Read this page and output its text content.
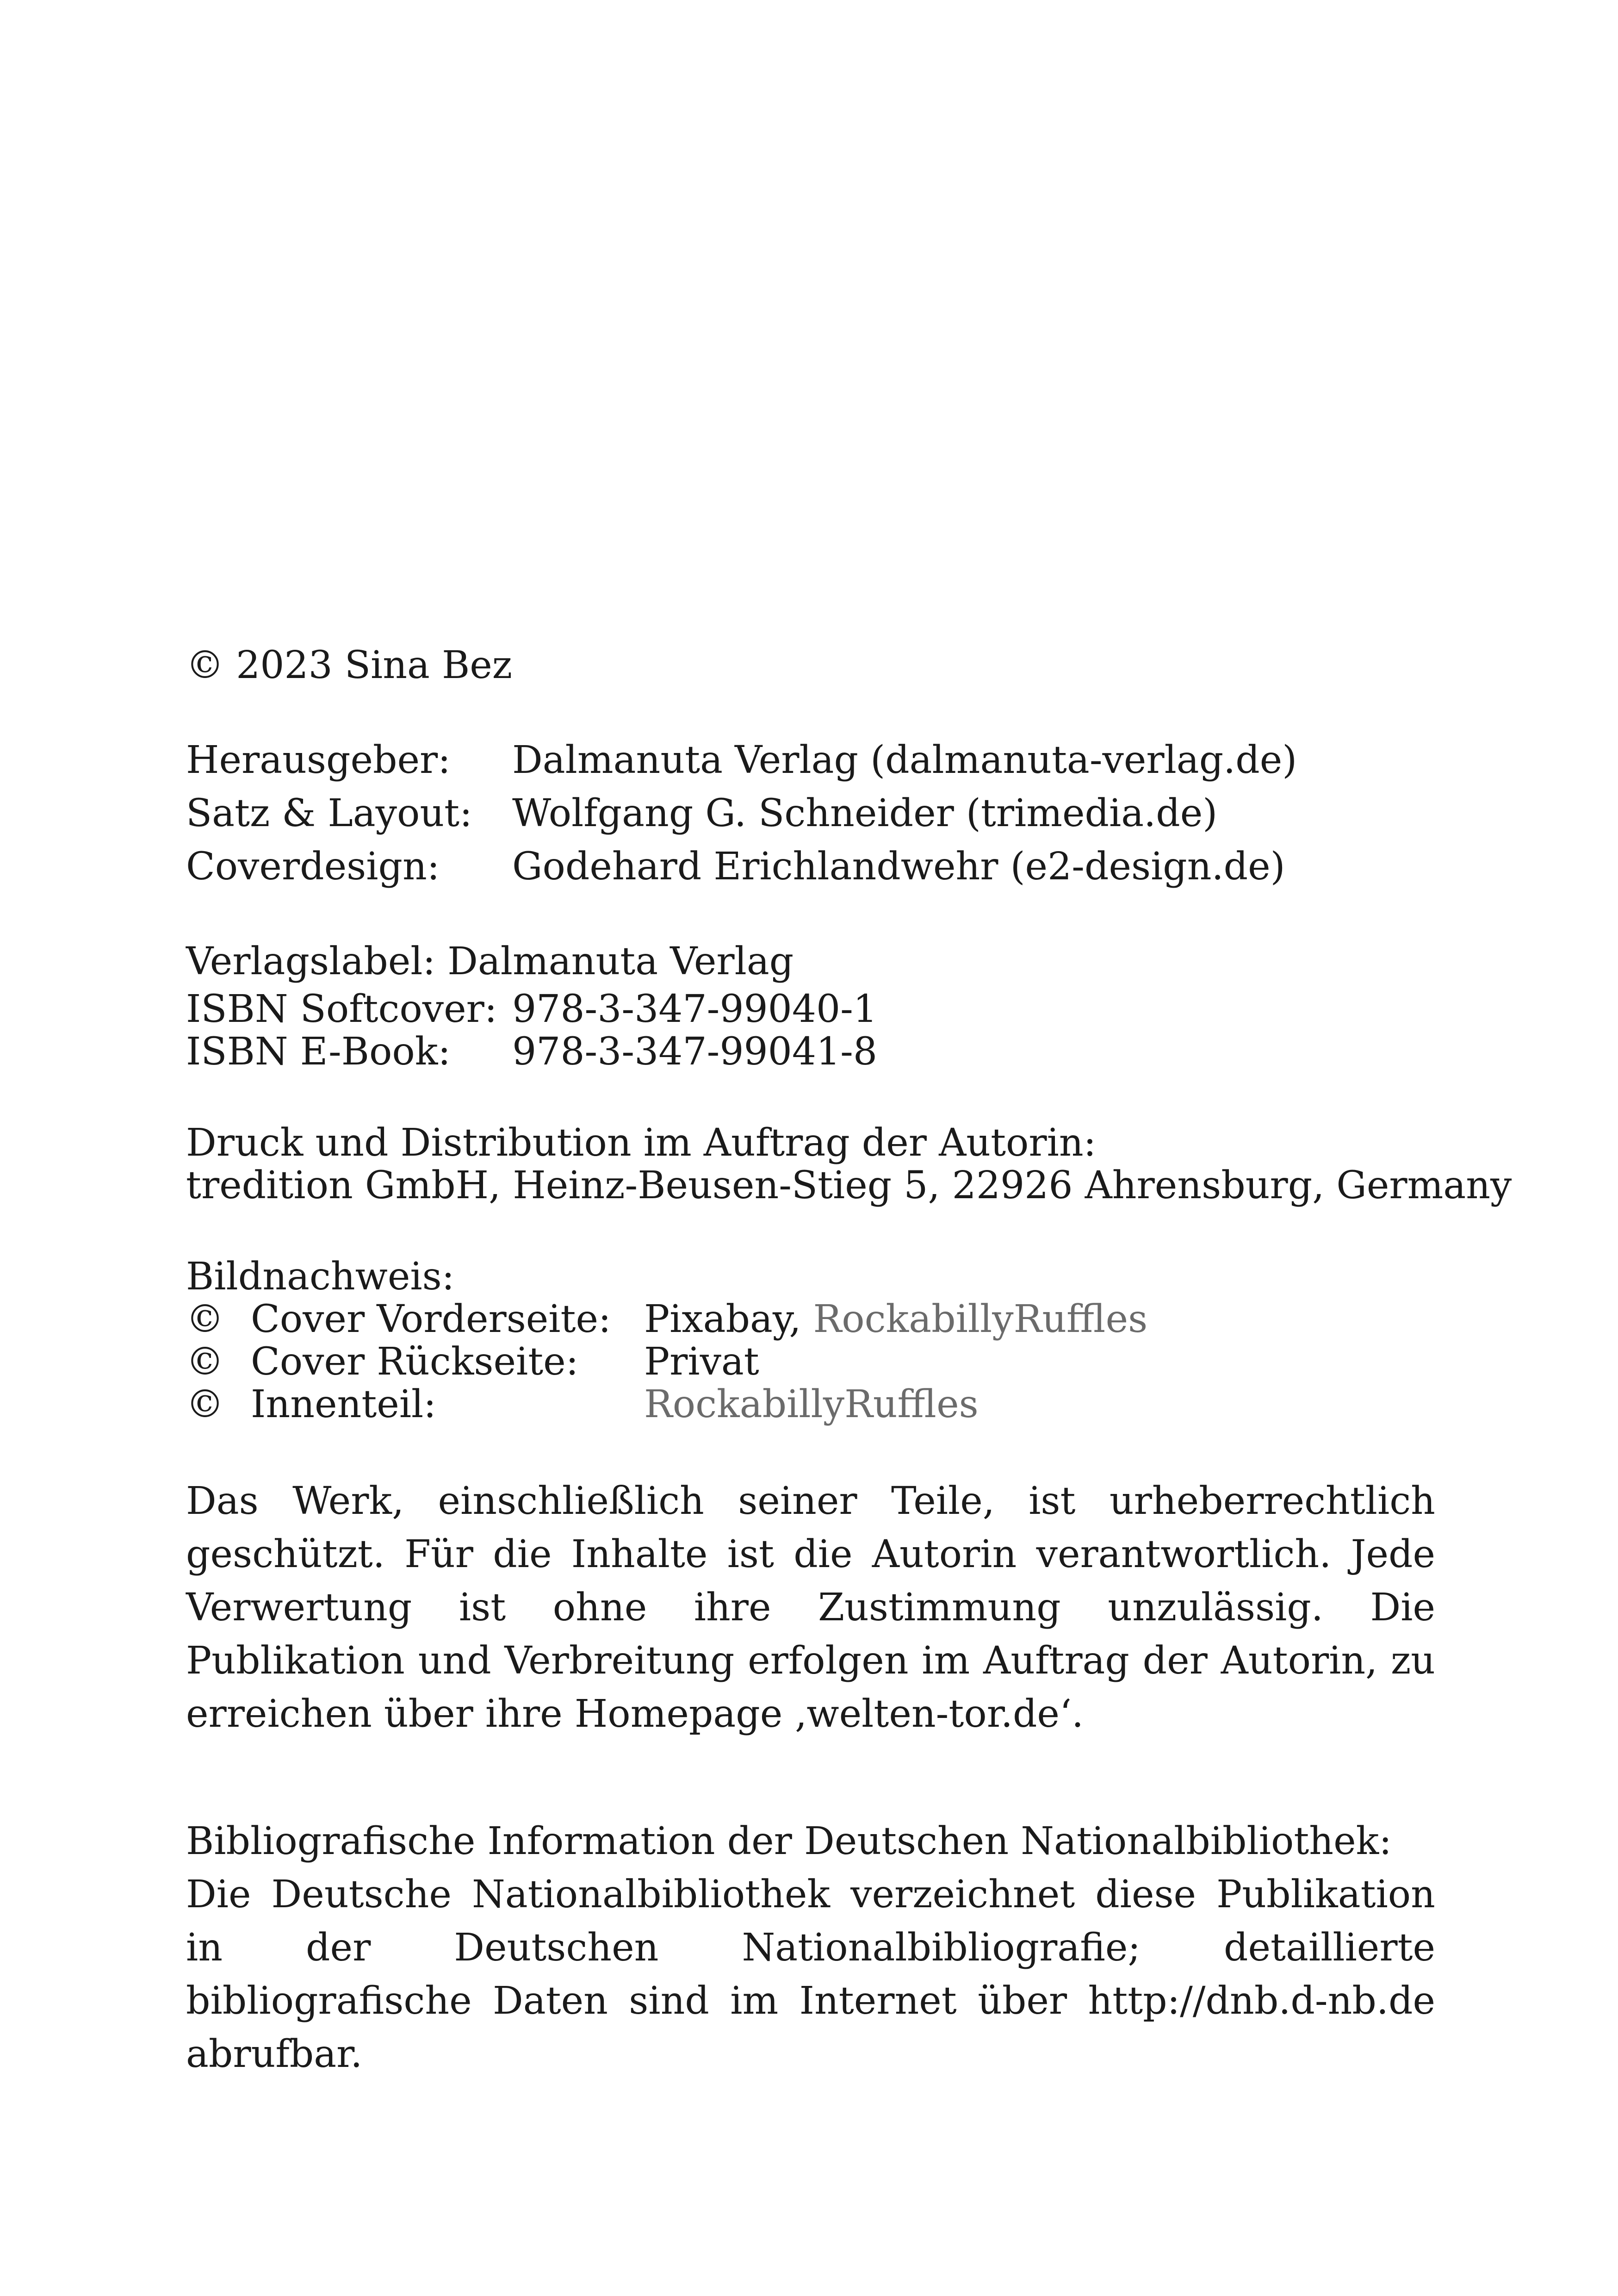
© 2023 Sina Bez
Herausgeber:	Dalmanuta Verlag (dalmanuta-verlag.de)
Satz & Layout:	Wolfgang G. Schneider (trimedia.de)
Coverdesign:	Godehard Erichlandwehr (e2-design.de)
Verlagslabel: Dalmanuta Verlag
ISBN Softcover: 978-3-347-99040-1
ISBN E-Book:	978-3-347-99041-8
Druck und Distribution im Auftrag der Autorin:
tredition GmbH, Heinz-Beusen-Stieg 5, 22926 Ahrensburg, Germany
Bildnachweis:
© Cover Vorderseite: Pixabay, RockabillyRuffles
© Cover Rückseite:	Privat
© Innenteil:	RockabillyRuffles

Das Werk, einschließlich seiner Teile, ist urheberrechtlich geschützt. Für die Inhalte ist die Autorin verantwortlich. Jede Verwertung ist ohne ihre Zustimmung unzulässig. Die Publikation und Verbreitung erfolgen im Auftrag der Autorin, zu erreichen über ihre Homepage ‚welten-tor.de‘.

Bibliografische Information der Deutschen Nationalbibliothek:

Die Deutsche Nationalbibliothek verzeichnet diese Publikation in der Deutschen Nationalbibliografie; detaillierte bibliografische Daten sind im Internet über http://dnb.d-nb.de abrufbar.
